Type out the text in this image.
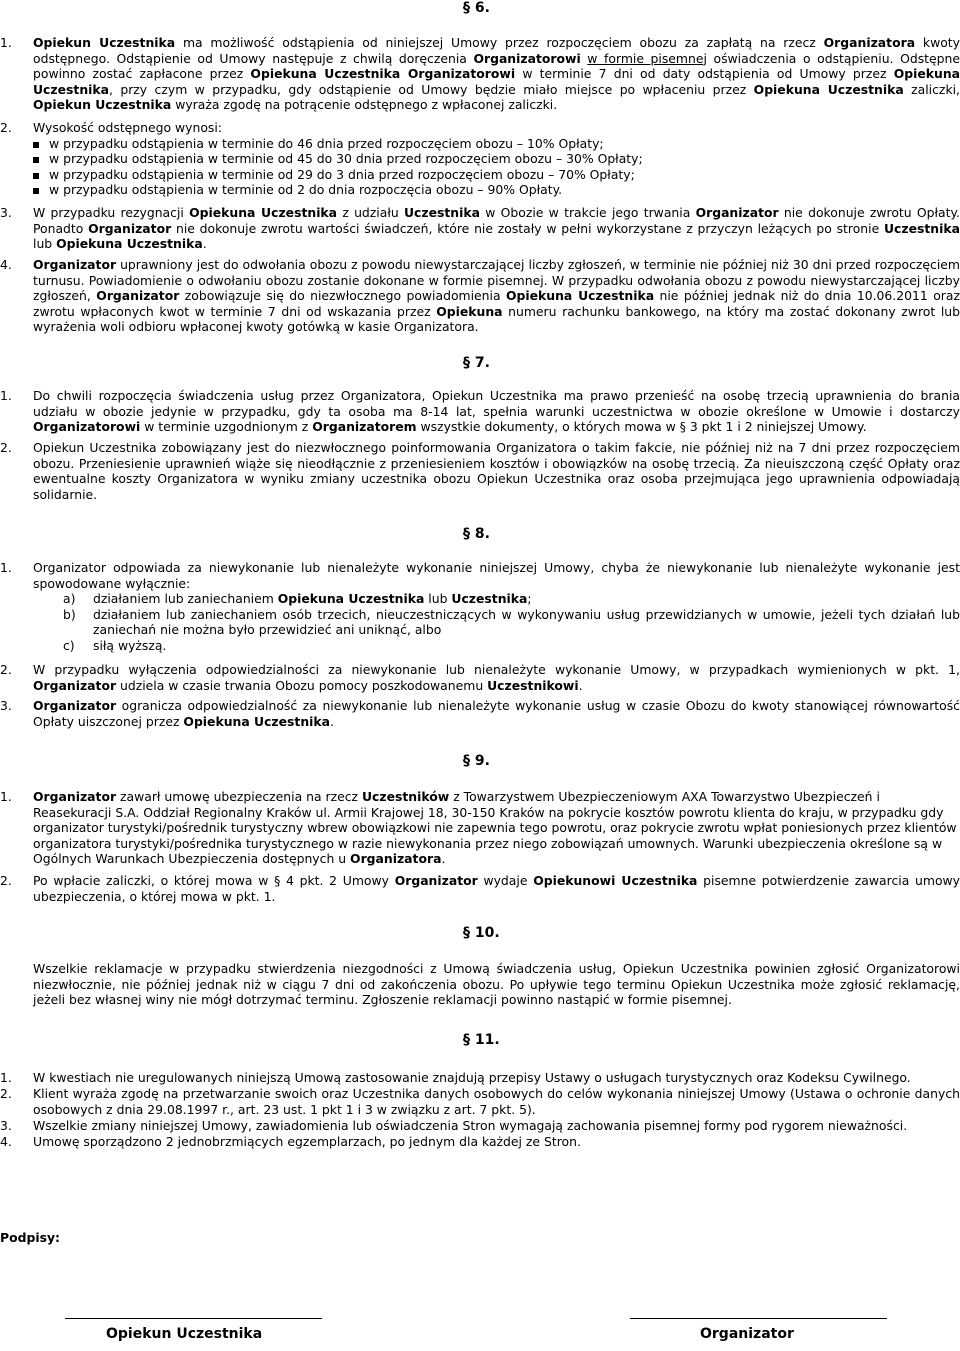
§ 6.
1.	Opiekun Uczestnika ma możliwość odstąpienia od niniejszej Umowy przez rozpoczęciem obozu za zapłatą na rzecz Organizatora kwoty odstępnego. Odstąpienie od Umowy następuje z chwilą doręczenia Organizatorowi w formie pisemnej oświadczenia o odstąpieniu. Odstępne powinno zostać zapłacone przez Opiekuna Uczestnika Organizatorowi w terminie 7 dni od daty odstąpienia od Umowy przez Opiekuna Uczestnika, przy czym w przypadku, gdy odstąpienie od Umowy będzie miało miejsce po wpłaceniu przez Opiekuna Uczestnika zaliczki, Opiekun Uczestnika wyraża zgodę na potrącenie odstępnego z wpłaconej zaliczki.
2.	Wysokość odstępnego wynosi:
w przypadku odstąpienia w terminie do 46 dnia przed rozpoczęciem obozu – 10% Opłaty;
w przypadku odstąpienia w terminie od 45 do 30 dnia przed rozpoczęciem obozu – 30% Opłaty;
w przypadku odstąpienia w terminie od 29 do 3 dnia przed rozpoczęciem obozu – 70% Opłaty;
w przypadku odstąpienia w terminie od 2 do dnia rozpoczęcia obozu – 90% Opłaty.
3.	W przypadku rezygnacji Opiekuna Uczestnika z udziału Uczestnika w Obozie w trakcie jego trwania Organizator nie dokonuje zwrotu Opłaty. Ponadto Organizator nie dokonuje zwrotu wartości świadczeń, które nie zostały w pełni wykorzystane z przyczyn leżących po stronie Uczestnika lub Opiekuna Uczestnika.
4.	Organizator uprawniony jest do odwołania obozu z powodu niewystarczającej liczby zgłoszeń, w terminie nie później niż 30 dni przed rozpoczęciem turnusu. Powiadomienie o odwołaniu obozu zostanie dokonane w formie pisemnej. W przypadku odwołania obozu z powodu niewystarczającej liczby zgłoszeń, Organizator zobowiązuje się do niezwłocznego powiadomienia Opiekuna Uczestnika nie później jednak niż do dnia 10.06.2011 oraz zwrotu wpłaconych kwot w terminie 7 dni od wskazania przez Opiekuna numeru rachunku bankowego, na który ma zostać dokonany zwrot lub wyrażenia woli odbioru wpłaconej kwoty gotówką w kasie Organizatora.
§ 7.
1.	Do chwili rozpoczęcia świadczenia usług przez Organizatora, Opiekun Uczestnika ma prawo przenieść na osobę trzecią uprawnienia do brania udziału w obozie jedynie w przypadku, gdy ta osoba ma 8-14 lat, spełnia warunki uczestnictwa w obozie określone w Umowie i dostarczy Organizatorowi w terminie uzgodnionym z Organizatorem wszystkie dokumenty, o których mowa w § 3 pkt 1 i 2 niniejszej Umowy.
2.	Opiekun Uczestnika zobowiązany jest do niezwłocznego poinformowania Organizatora o takim fakcie, nie później niż na 7 dni przez rozpoczęciem obozu. Przeniesienie uprawnień wiąże się nieodłącznie z przeniesieniem kosztów i obowiązków na osobę trzecią. Za nieuiszczoną część Opłaty oraz ewentualne koszty Organizatora w wyniku zmiany uczestnika obozu Opiekun Uczestnika oraz osoba przejmująca jego uprawnienia odpowiadają solidarnie.
§ 8.
1.	Organizator odpowiada za niewykonanie lub nienależyte wykonanie niniejszej Umowy, chyba że niewykonanie lub nienależyte wykonanie jest spowodowane wyłącznie:
a)	działaniem lub zaniechaniem Opiekuna Uczestnika lub Uczestnika;
b)	działaniem lub zaniechaniem osób trzecich, nieuczestniczących w wykonywaniu usług przewidzianych w umowie, jeżeli tych działań lub zaniechań nie można było przewidzieć ani uniknąć, albo
c)	siłą wyższą.
2.	W przypadku wyłączenia odpowiedzialności za niewykonanie lub nienależyte wykonanie Umowy, w przypadkach wymienionych w pkt. 1, Organizator udziela w czasie trwania Obozu pomocy poszkodowanemu Uczestnikowi.
3.	Organizator ogranicza odpowiedzialność za niewykonanie lub nienależyte wykonanie usług w czasie Obozu do kwoty stanowiącej równowartość Opłaty uiszczonej przez Opiekuna Uczestnika.
§ 9.
1.	Organizator zawarł umowę ubezpieczenia na rzecz Uczestników z Towarzystwem Ubezpieczeniowym AXA Towarzystwo Ubezpieczeń i Reasekuracji S.A. Oddział Regionalny Kraków ul. Armii Krajowej 18, 30-150 Kraków na pokrycie kosztów powrotu klienta do kraju, w przypadku gdy organizator turystyki/pośrednik turystyczny wbrew obowiązkowi nie zapewnia tego powrotu, oraz pokrycie zwrotu wpłat poniesionych przez klientów organizatora turystyki/pośrednika turystycznego w razie niewykonania przez niego zobowiązań umownych. Warunki ubezpieczenia określone są w Ogólnych Warunkach Ubezpieczenia dostępnych u Organizatora.
2.	Po wpłacie zaliczki, o której mowa w § 4 pkt. 2 Umowy Organizator wydaje Opiekunowi Uczestnika pisemne potwierdzenie zawarcia umowy ubezpieczenia, o której mowa w pkt. 1.
§ 10.
Wszelkie reklamacje w przypadku stwierdzenia niezgodności z Umową świadczenia usług, Opiekun Uczestnika powinien zgłosić Organizatorowi niezwłocznie, nie później jednak niż w ciągu 7 dni od zakończenia obozu. Po upływie tego terminu Opiekun Uczestnika może zgłosić reklamację, jeżeli bez własnej winy nie mógł dotrzymać terminu. Zgłoszenie reklamacji powinno nastąpić w formie pisemnej.
§ 11.
1.	W kwestiach nie uregulowanych niniejszą Umową zastosowanie znajdują przepisy Ustawy o usługach turystycznych oraz Kodeksu Cywilnego.
2.	Klient wyraża zgodę na przetwarzanie swoich oraz Uczestnika danych osobowych do celów wykonania niniejszej Umowy (Ustawa o ochronie danych osobowych z dnia 29.08.1997 r., art. 23 ust. 1 pkt 1 i 3 w związku z art. 7 pkt. 5).
3.	Wszelkie zmiany niniejszej Umowy, zawiadomienia lub oświadczenia Stron wymagają zachowania pisemnej formy pod rygorem nieważności.
4.	Umowę sporządzono 2 jednobrzmiących egzemplarzach, po jednym dla każdej ze Stron.
Podpisy:
Opiekun Uczestnika	Organizator
